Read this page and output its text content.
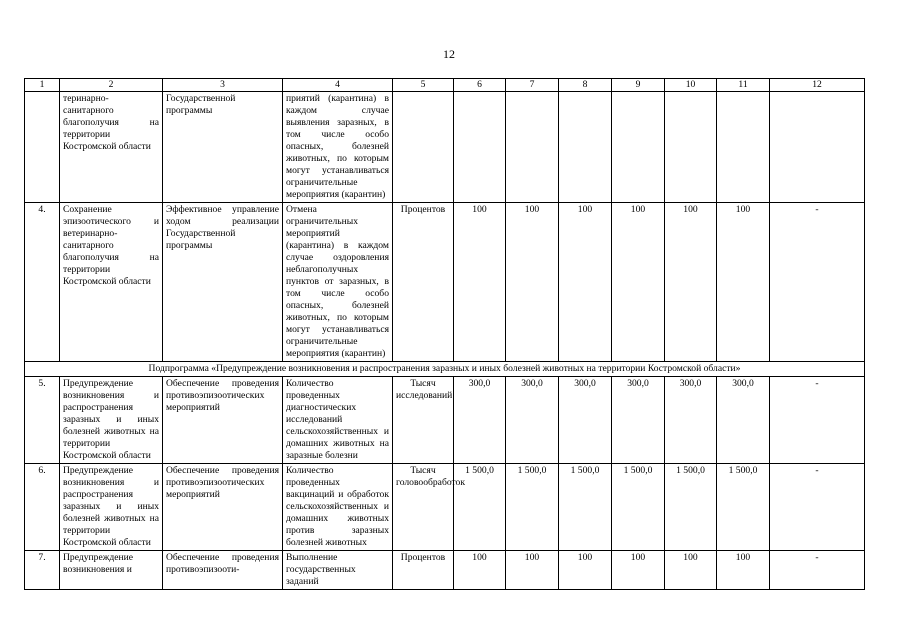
12
1	2	3	4	5	6	7	8	9	10	11	12
	теринарно-санитарного благополучия на территории Костромской области	Государственной программы	приятий (карантина) в каждом случае выявления заразных, в том числе особо опасных, болезней животных, по которым могут устанавливаться ограничительные мероприятия (карантин)								
4.	Сохранение эпизоотического и ветеринарно-санитарного благополучия на территории Костромской области	Эффективное управление ходом реализации Государственной программы	Отмена ограничительных мероприятий (карантина) в каждом случае оздоровления неблагополучных пунктов от заразных, в том числе особо опасных, болезней животных, по которым могут устанавливаться ограничительные мероприятия (карантин)	Процентов	100	100	100	100	100	100	-
Подпрограмма «Предупреждение возникновения и распространения заразных и иных болезней животных на территории Костромской области»											
5.	Предупреждение возникновения и распространения заразных и иных болезней животных на территории Костромской области	Обеспечение проведения противоэпизоотических мероприятий	Количество проведенных диагностических исследований сельскохозяйственных и домашних животных на заразные болезни	Тысяч исследований	300,0	300,0	300,0	300,0	300,0	300,0	-
6.	Предупреждение возникновения и распространения заразных и иных болезней животных на территории Костромской области	Обеспечение проведения противоэпизоотических мероприятий	Количество проведенных вакцинаций и обработок сельскохозяйственных и домашних животных против заразных болезней животных	Тысяч головообработок	1 500,0	1 500,0	1 500,0	1 500,0	1 500,0	1 500,0	-
7.	Предупреждение возникновения и	Обеспечение проведения противоэпизооти-	Выполнение государственных заданий	Процентов	100	100	100	100	100	100	-
